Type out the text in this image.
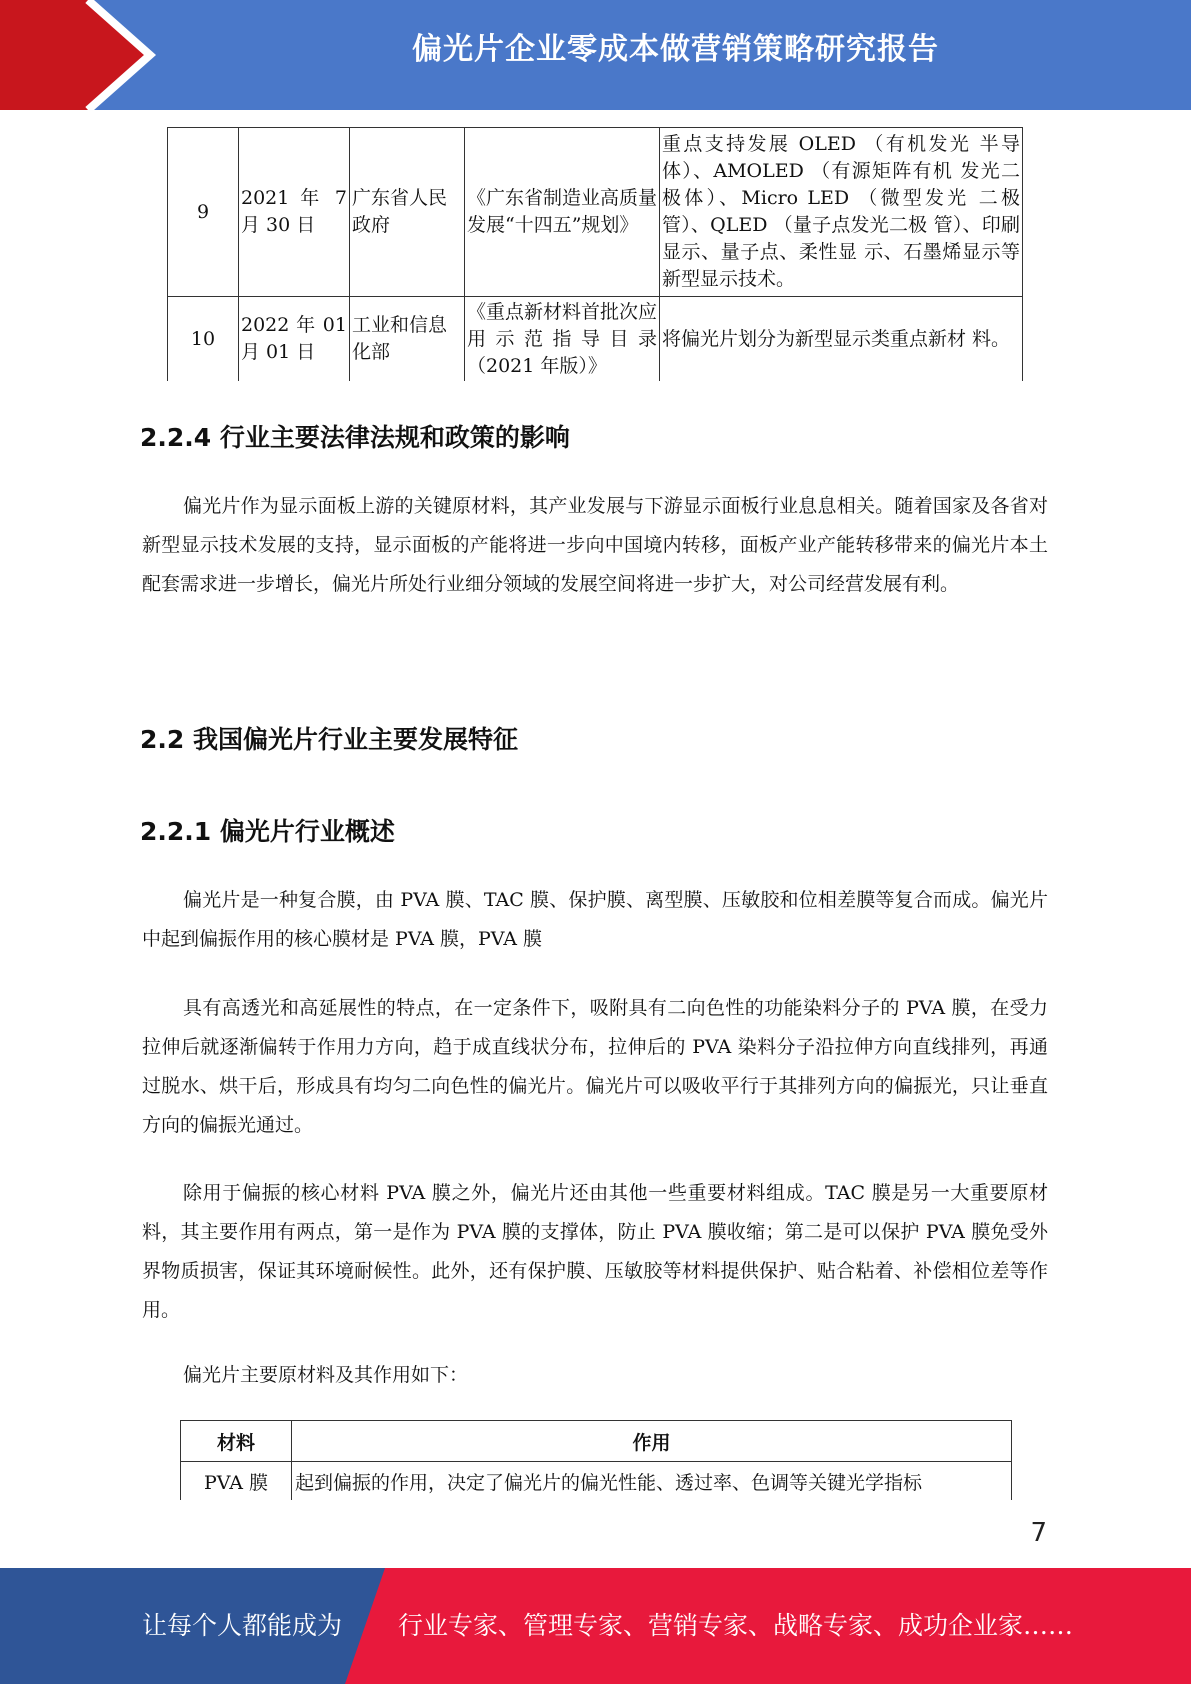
偏光片企业零成本做营销策略研究报告
9	2021 年 7 月 30 日	广东省人民政府	《广东省制造业高质量发展“十四五”规划》	重点支持发展 OLED （有机发光 半导体）、AMOLED （有源矩阵有机 发光二极体）、Micro LED （微型发光 二极管）、QLED （量子点发光二极 管）、印刷显示、量子点、柔性显 示、石墨烯显示等新型显示技术。
10	2022 年 01 月 01 日	工业和信息化部	《重点新材料首批次应用示范指导目录（2021 年版）》	将偏光片划分为新型显示类重点新材 料。
2.2.4 行业主要法律法规和政策的影响

偏光片作为显示面板上游的关键原材料，其产业发展与下游显示面板行业息息相关。随着国家及各省对新型显示技术发展的支持，显示面板的产能将进一步向中国境内转移，面板产业产能转移带来的偏光片本土配套需求进一步增长，偏光片所处行业细分领域的发展空间将进一步扩大，对公司经营发展有利。

2.2 我国偏光片行业主要发展特征
2.2.1 偏光片行业概述

偏光片是一种复合膜，由 PVA 膜、TAC 膜、保护膜、离型膜、压敏胶和位相差膜等复合而成。偏光片中起到偏振作用的核心膜材是 PVA 膜，PVA 膜

具有高透光和高延展性的特点，在一定条件下，吸附具有二向色性的功能染料分子的 PVA 膜，在受力拉伸后就逐渐偏转于作用力方向，趋于成直线状分布，拉伸后的 PVA 染料分子沿拉伸方向直线排列，再通过脱水、烘干后，形成具有均匀二向色性的偏光片。偏光片可以吸收平行于其排列方向的偏振光，只让垂直方向的偏振光通过。

除用于偏振的核心材料 PVA 膜之外，偏光片还由其他一些重要材料组成。TAC 膜是另一大重要原材料，其主要作用有两点，第一是作为 PVA 膜的支撑体，防止 PVA 膜收缩；第二是可以保护 PVA 膜免受外界物质损害，保证其环境耐候性。此外，还有保护膜、压敏胶等材料提供保护、贴合粘着、补偿相位差等作用。

偏光片主要原材料及其作用如下：

材料	作用
PVA 膜	起到偏振的作用，决定了偏光片的偏光性能、透过率、色调等关键光学指标
7
让每个人都能成为 行业专家、管理专家、营销专家、战略专家、成功企业家……
